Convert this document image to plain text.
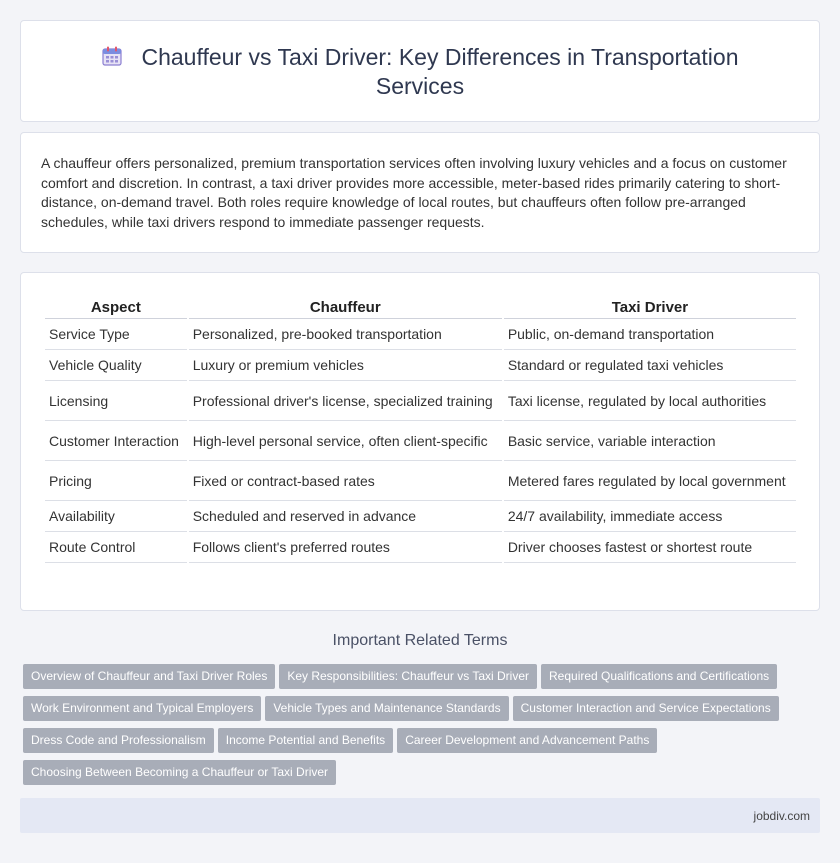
Chauffeur vs Taxi Driver: Key Differences in Transportation Services

A chauffeur offers personalized, premium transportation services often involving luxury vehicles and a focus on customer comfort and discretion. In contrast, a taxi driver provides more accessible, meter-based rides primarily catering to short-distance, on-demand travel. Both roles require knowledge of local routes, but chauffeurs often follow pre-arranged schedules, while taxi drivers respond to immediate passenger requests.

Aspect	Chauffeur	Taxi Driver
Service Type	Personalized, pre-booked transportation	Public, on-demand transportation
Vehicle Quality	Luxury or premium vehicles	Standard or regulated taxi vehicles
Licensing	Professional driver's license, specialized training	Taxi license, regulated by local authorities
Customer Interaction	High-level personal service, often client-specific	Basic service, variable interaction
Pricing	Fixed or contract-based rates	Metered fares regulated by local government
Availability	Scheduled and reserved in advance	24/7 availability, immediate access
Route Control	Follows client's preferred routes	Driver chooses fastest or shortest route
Important Related Terms
Overview of Chauffeur and Taxi Driver Roles Key Responsibilities: Chauffeur vs Taxi Driver Required Qualifications and Certifications
Work Environment and Typical Employers Vehicle Types and Maintenance Standards Customer Interaction and Service Expectations
Dress Code and Professionalism Income Potential and Benefits Career Development and Advancement Paths
Choosing Between Becoming a Chauffeur or Taxi Driver
jobdiv.com
